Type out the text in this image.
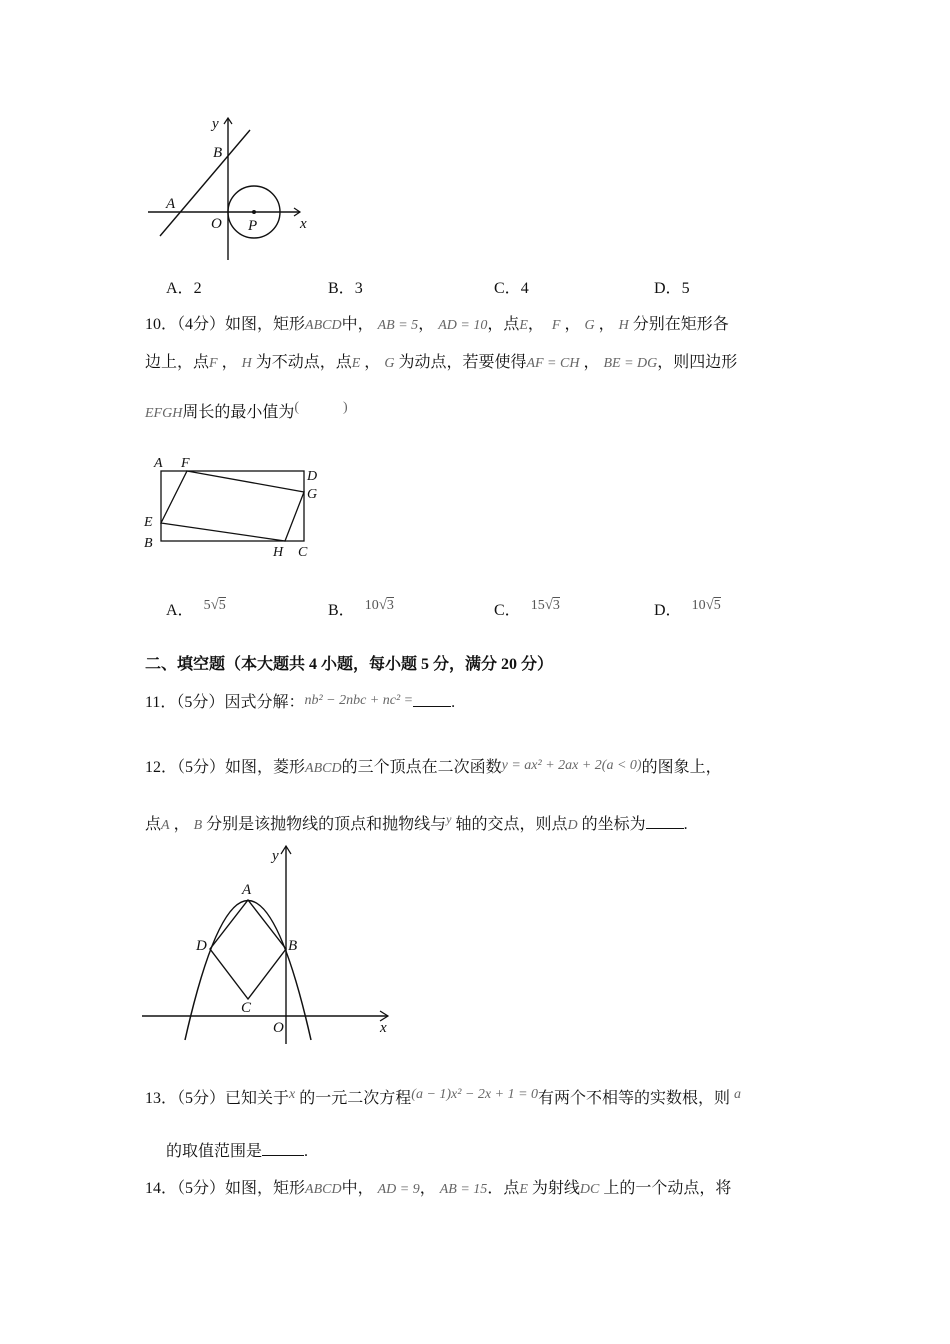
y
x
B
A
O P
A．2	B．3	C．4	D．5
10．（4分）如图，矩形ABCD中， AB = 5， AD = 10，点E， F ， G ， H 分别在矩形各
边上，点F ， H 为不动点，点E ， G 为动点，若要使得AF = CH ， BE = DG，则四边形
EFGH周长的最小值为(	)
A F
D
G
E
B
H C
A． 5√5	B． 10√3	C． 15√3	D． 10√5
二、填空题（本大题共 4 小题，每小题 5 分，满分 20 分）
11．（5分）因式分解：nb² − 2nbc + nc² = .
12．（5分）如图，菱形ABCD的三个顶点在二次函数y = ax² + 2ax + 2(a < 0)的图象上，
点A ， B 分别是该抛物线的顶点和抛物线与$^y$ 轴的交点，则点D 的坐标为 .
y
A
D	B
C
O	x
13．（5分）已知关于x 的一元二次方程(a − 1)x² − 2x + 1 = 0有两个不相等的实数根，则 a
的取值范围是	.
14．（5分）如图，矩形ABCD中， AD = 9， AB = 15．点E 为射线DC 上的一个动点，将
